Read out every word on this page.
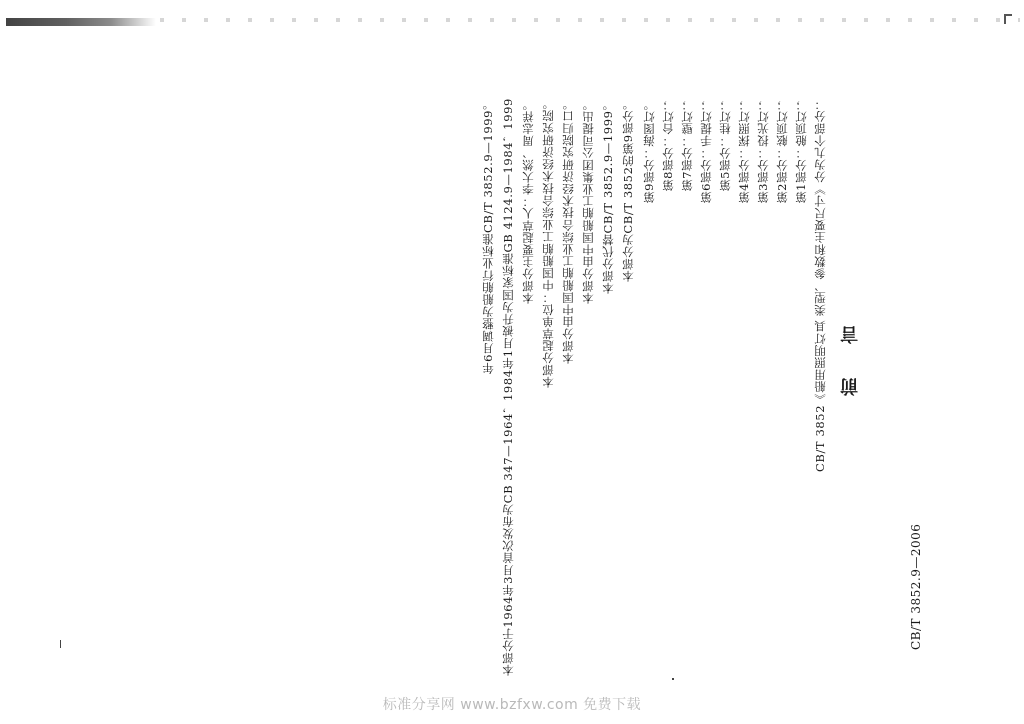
CB/T 3852.9—2006
前 言
CB/T 3852《船用照明灯具 类型、参数和主要尺寸》分为九个部分：
第1部分：舱顶灯；
第2部分：舷顶灯；
第3部分：投光灯；
第4部分：探照灯；
第5部分：桂灯；
第6部分：手提灯；
第7部分：壁灯；
第8部分：台灯；
第9部分：海图灯。
本部分为CB/T 3852的第9部分。
本部分代替CB/T 3852.9—1999。
本部分由中国船舶工业集团公司提出。
本部分由中国船舶工业综合技术经济研究院归口。
本部分起草单位：中国船舶工业综合技术经济研究院。
本部分主要起草人：李大然、周志祥。
本部分于1964年3月首次发布为CB 347—1964，1984年1月被升为国家标准GB 4124.9—1984，1999
年6月调整为船舶行业标准CB/T 3852.9—1999。
标准分享网 www.bzfxw.com 免费下载
